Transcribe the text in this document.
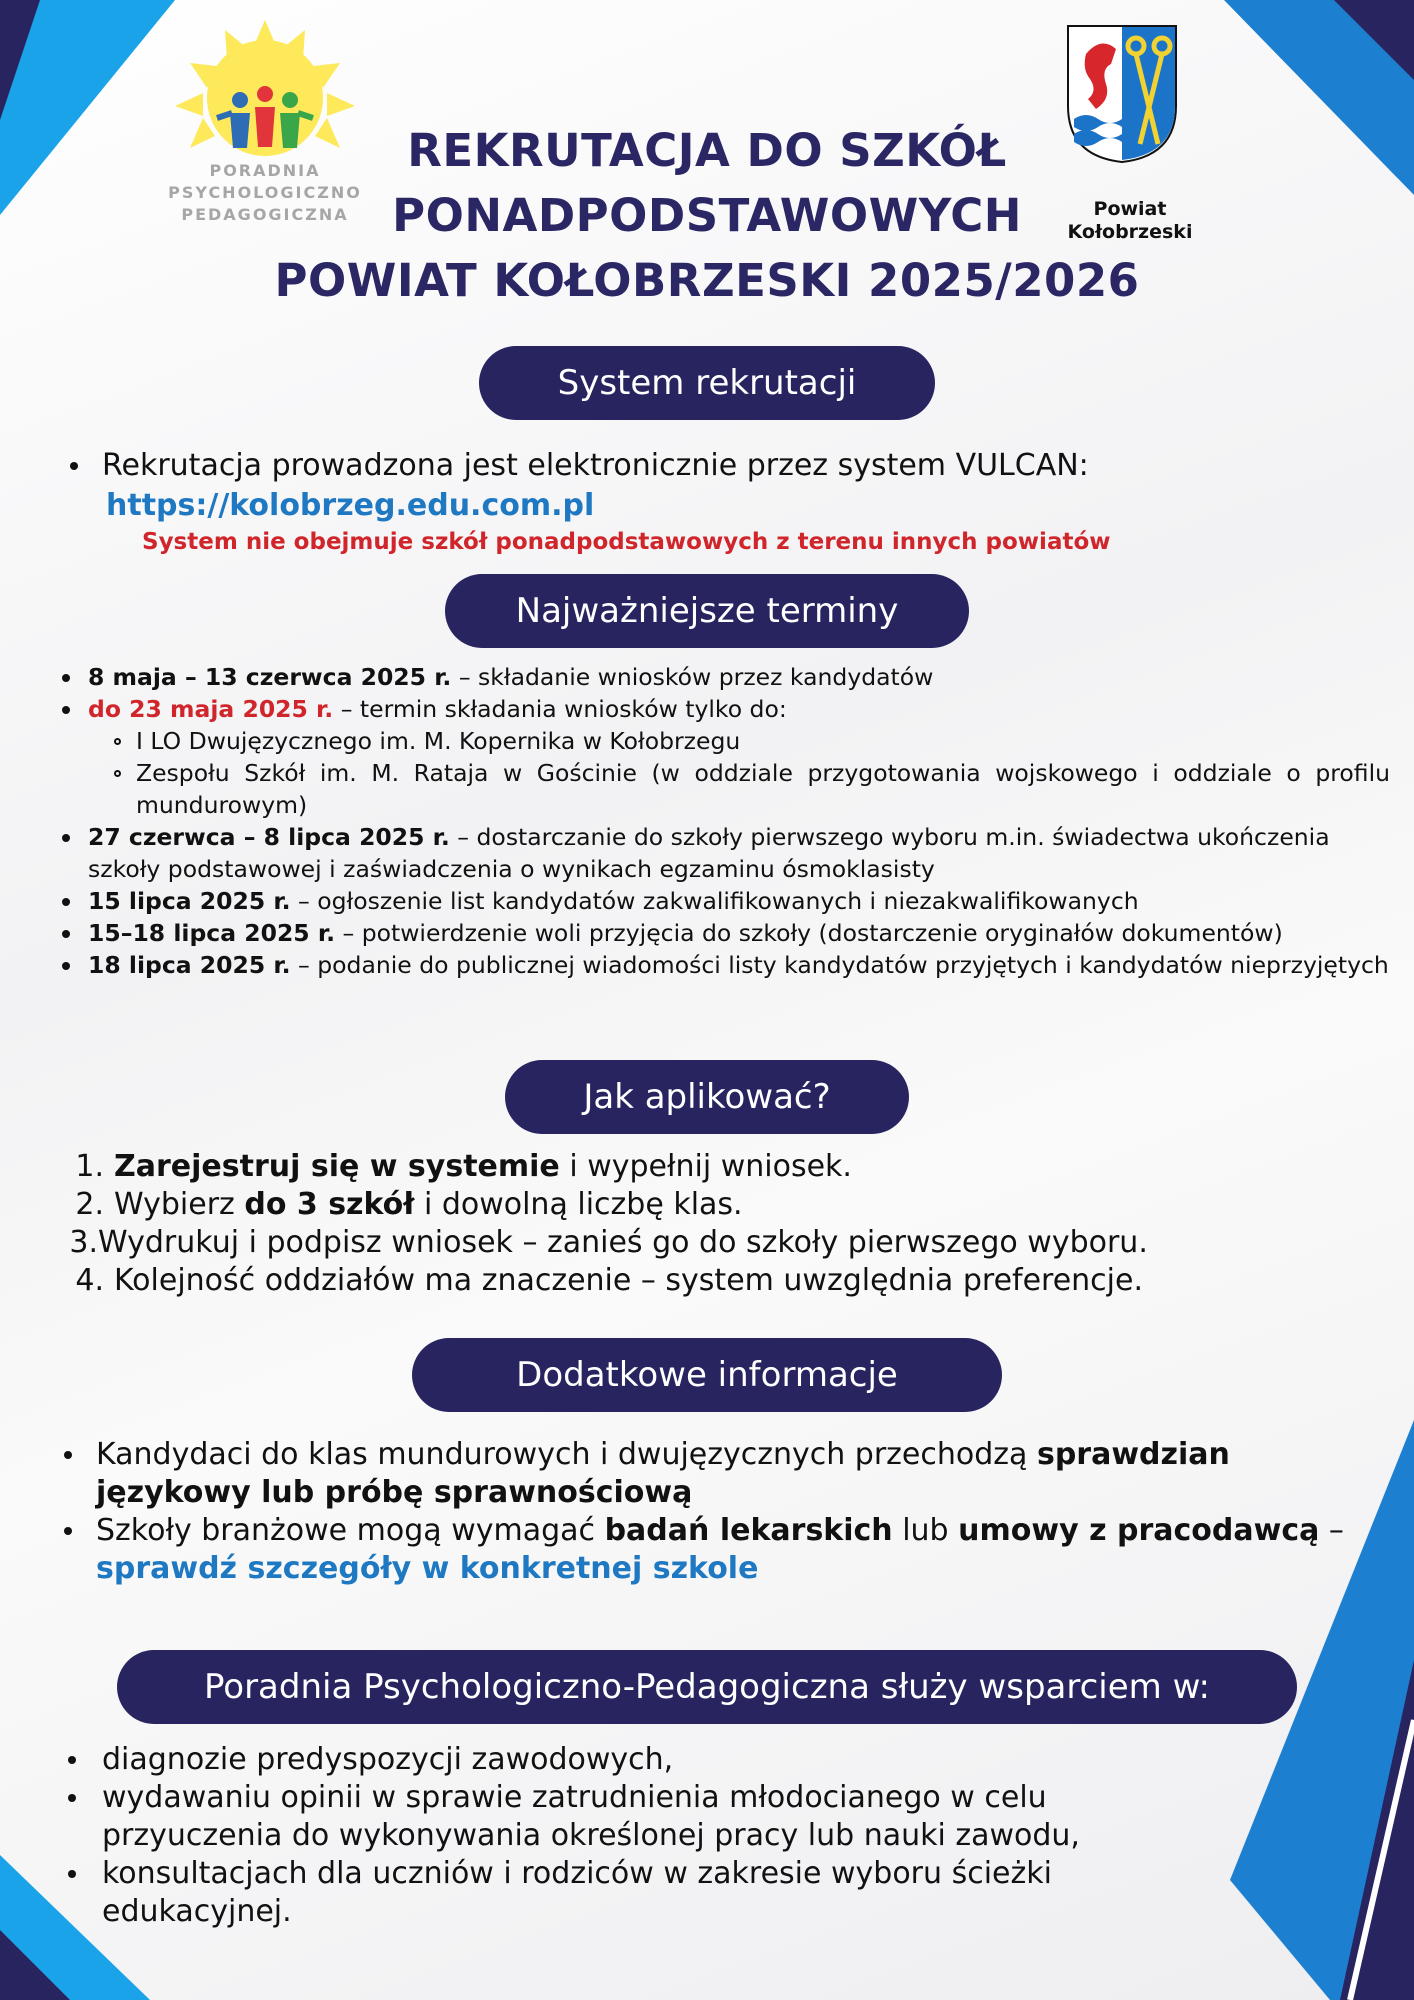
PORADNIA
PSYCHOLOGICZNO
PEDAGOGICZNA	Powiat
Kołobrzeski
REKRUTACJA DO SZKÓŁ
PONADPODSTAWOWYCH
POWIAT KOŁOBRZESKI 2025/2026
System rekrutacji
Rekrutacja prowadzona jest elektronicznie przez system VULCAN:
https://kolobrzeg.edu.com.pl
System nie obejmuje szkół ponadpodstawowych z terenu innych powiatów
Najważniejsze terminy
8 maja – 13 czerwca 2025 r. – składanie wniosków przez kandydatów
do 23 maja 2025 r. – termin składania wniosków tylko do:
I LO Dwujęzycznego im. M. Kopernika w Kołobrzegu
Zespołu Szkół im. M. Rataja w Gościnie (w oddziale przygotowania wojskowego i oddziale o profilu mundurowym)
27 czerwca – 8 lipca 2025 r. – dostarczanie do szkoły pierwszego wyboru m.in. świadectwa ukończenia szkoły podstawowej i zaświadczenia o wynikach egzaminu ósmoklasisty
15 lipca 2025 r. – ogłoszenie list kandydatów zakwalifikowanych i niezakwalifikowanych
15–18 lipca 2025 r. – potwierdzenie woli przyjęcia do szkoły (dostarczenie oryginałów dokumentów)
18 lipca 2025 r. – podanie do publicznej wiadomości listy kandydatów przyjętych i kandydatów nieprzyjętych
Jak aplikować?
1. Zarejestruj się w systemie i wypełnij wniosek.
2. Wybierz do 3 szkół i dowolną liczbę klas.
3. Wydrukuj i podpisz wniosek – zanieś go do szkoły pierwszego wyboru.
4. Kolejność oddziałów ma znaczenie – system uwzględnia preferencje.
Dodatkowe informacje
Kandydaci do klas mundurowych i dwujęzycznych przechodzą sprawdzian językowy lub próbę sprawnościową
Szkoły branżowe mogą wymagać badań lekarskich lub umowy z pracodawcą – sprawdź szczegóły w konkretnej szkole
Poradnia Psychologiczno-Pedagogiczna służy wsparciem w:
diagnozie predyspozycji zawodowych,
wydawaniu opinii w sprawie zatrudnienia młodocianego w celu przyuczenia do wykonywania określonej pracy lub nauki zawodu,
konsultacjach dla uczniów i rodziców w zakresie wyboru ścieżki edukacyjnej.
